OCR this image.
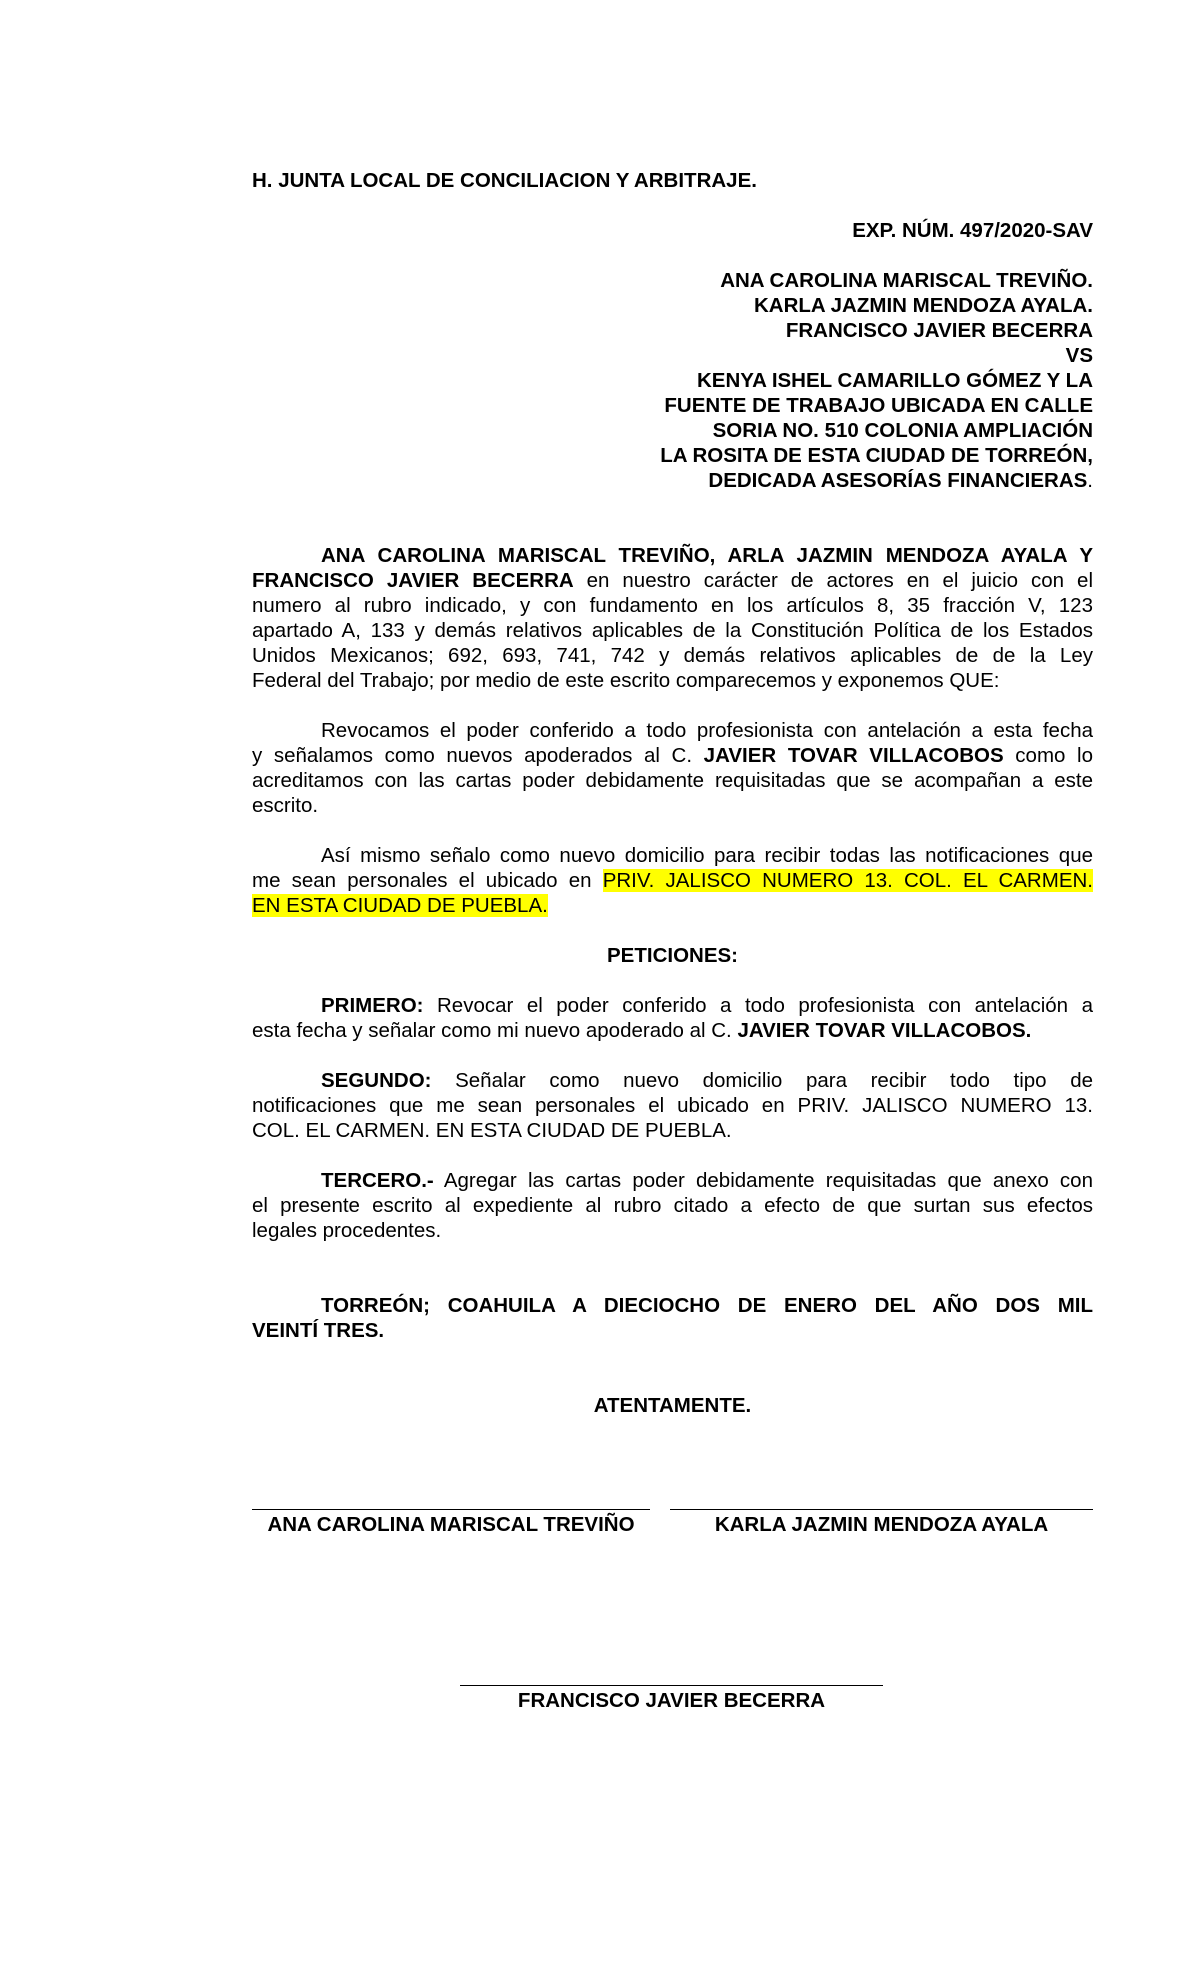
H. JUNTA LOCAL DE CONCILIACION Y ARBITRAJE.
EXP. NÚM. 497/2020-SAV
ANA CAROLINA MARISCAL TREVIÑO.
KARLA JAZMIN MENDOZA AYALA.
FRANCISCO JAVIER BECERRA
VS
KENYA ISHEL CAMARILLO GÓMEZ Y LA
FUENTE DE TRABAJO UBICADA EN CALLE
SORIA NO. 510 COLONIA AMPLIACIÓN
LA ROSITA DE ESTA CIUDAD DE TORREÓN,
DEDICADA ASESORÍAS FINANCIERAS.
ANA CAROLINA MARISCAL TREVIÑO, ARLA JAZMIN MENDOZA AYALA Y
FRANCISCO JAVIER BECERRA en nuestro carácter de actores en el juicio con el
numero al rubro indicado, y con fundamento en los artículos 8, 35 fracción V, 123
apartado A, 133 y demás relativos aplicables de la Constitución Política de los Estados
Unidos Mexicanos; 692, 693, 741, 742 y demás relativos aplicables de de la Ley
Federal del Trabajo; por medio de este escrito comparecemos y exponemos QUE:
Revocamos el poder conferido a todo profesionista con antelación a esta fecha
y señalamos como nuevos apoderados al C. JAVIER TOVAR VILLACOBOS como lo
acreditamos con las cartas poder debidamente requisitadas que se acompañan a este
escrito.
Así mismo señalo como nuevo domicilio para recibir todas las notificaciones que
me sean personales el ubicado en PRIV. JALISCO NUMERO 13. COL. EL CARMEN.
EN ESTA CIUDAD DE PUEBLA.
PETICIONES:
PRIMERO: Revocar el poder conferido a todo profesionista con antelación a
esta fecha y señalar como mi nuevo apoderado al C. JAVIER TOVAR VILLACOBOS.
SEGUNDO: Señalar como nuevo domicilio para recibir todo tipo de
notificaciones que me sean personales el ubicado en PRIV. JALISCO NUMERO 13.
COL. EL CARMEN. EN ESTA CIUDAD DE PUEBLA.
TERCERO.- Agregar las cartas poder debidamente requisitadas que anexo con
el presente escrito al expediente al rubro citado a efecto de que surtan sus efectos
legales procedentes.
TORREÓN; COAHUILA A DIECIOCHO DE ENERO DEL AÑO DOS MIL
VEINTÍ TRES.
ATENTAMENTE.
ANA CAROLINA MARISCAL TREVIÑO	KARLA JAZMIN MENDOZA AYALA
FRANCISCO JAVIER BECERRA
